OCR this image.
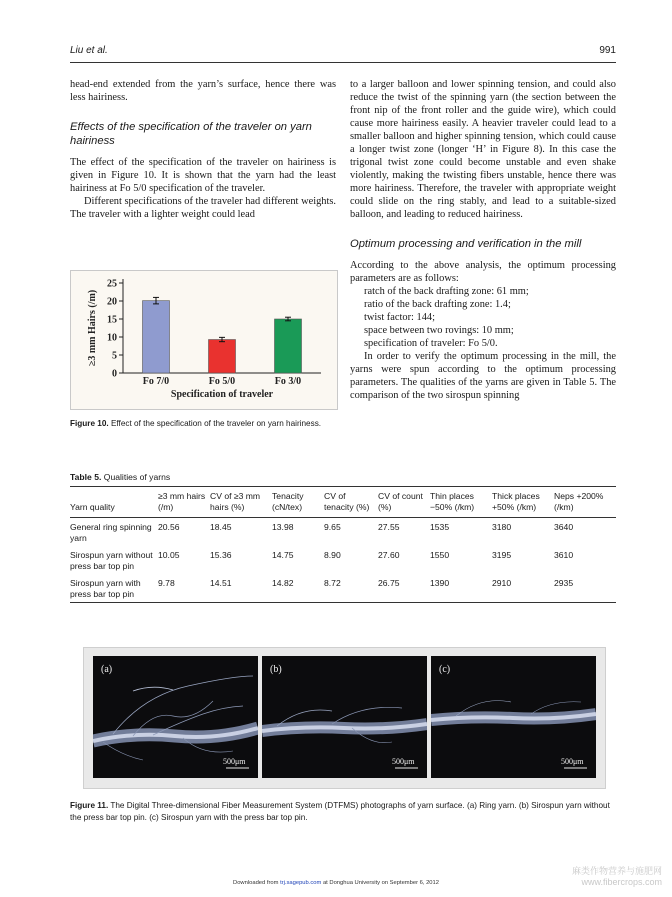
Liu et al.	991

head-end extended from the yarn’s surface, hence there was less hairiness.

Effects of the specification of the traveler on yarn hairiness

The effect of the specification of the traveler on hairiness is given in Figure 10. It is shown that the yarn had the least hairiness at Fo 5/0 specification of the traveler.

Different specifications of the traveler had different weights. The traveler with a lighter weight could lead

0
5
10
15
20
25
≥3 mm Hairs (/m)
Fo 7/0	Fo 5/0	Fo 3/0
Specification of traveler
Figure 10. Effect of the specification of the traveler on yarn hairiness.

to a larger balloon and lower spinning tension, and could also reduce the twist of the spinning yarn (the section between the front nip of the front roller and the guide wire), which could cause more hairiness easily. A heavier traveler could lead to a smaller balloon and higher spinning tension, which could cause a longer twist zone (longer ‘H’ in Figure 8). In this case the trigonal twist zone could become unstable and even shake violently, making the twisting fibers unstable, hence there was more hairiness. Therefore, the traveler with appropriate weight could slide on the ring stably, and lead to a suitable-sized balloon, and leading to reduced hairiness.

Optimum processing and verification in the mill

According to the above analysis, the optimum processing parameters are as follows:

ratch of the back drafting zone: 61 mm;

ratio of the back drafting zone: 1.4;

twist factor: 144;

space between two rovings: 10 mm;

specification of traveler: Fo 5/0.

In order to verify the optimum processing in the mill, the yarns were spun according to the optimum processing parameters. The qualities of the yarns are given in Table 5. The comparison of the two sirospun spinning

Table 5. Qualities of yarns
Yarn quality	≥3 mm hairs (/m)	CV of ≥3 mm hairs (%)	Tenacity (cN/tex)	CV of tenacity (%)	CV of count (%)	Thin places −50% (/km)	Thick places +50% (/km)	Neps +200% (/km)
General ring spinning yarn	20.56	18.45	13.98	9.65	27.55	1535	3180	3640
Sirospun yarn without press bar top pin	10.05	15.36	14.75	8.90	27.60	1550	3195	3610
Sirospun yarn with press bar top pin	9.78	14.51	14.82	8.72	26.75	1390	2910	2935
(a)
500μm
(b)
500μm
(c)
500μm
Figure 11. The Digital Three-dimensional Fiber Measurement System (DTFMS) photographs of yarn surface. (a) Ring yarn. (b) Sirospun yarn without the press bar top pin. (c) Sirospun yarn with the press bar top pin.
Downloaded from trj.sagepub.com at Donghua University on September 6, 2012
麻类作物营养与施肥网
www.fibercrops.com
